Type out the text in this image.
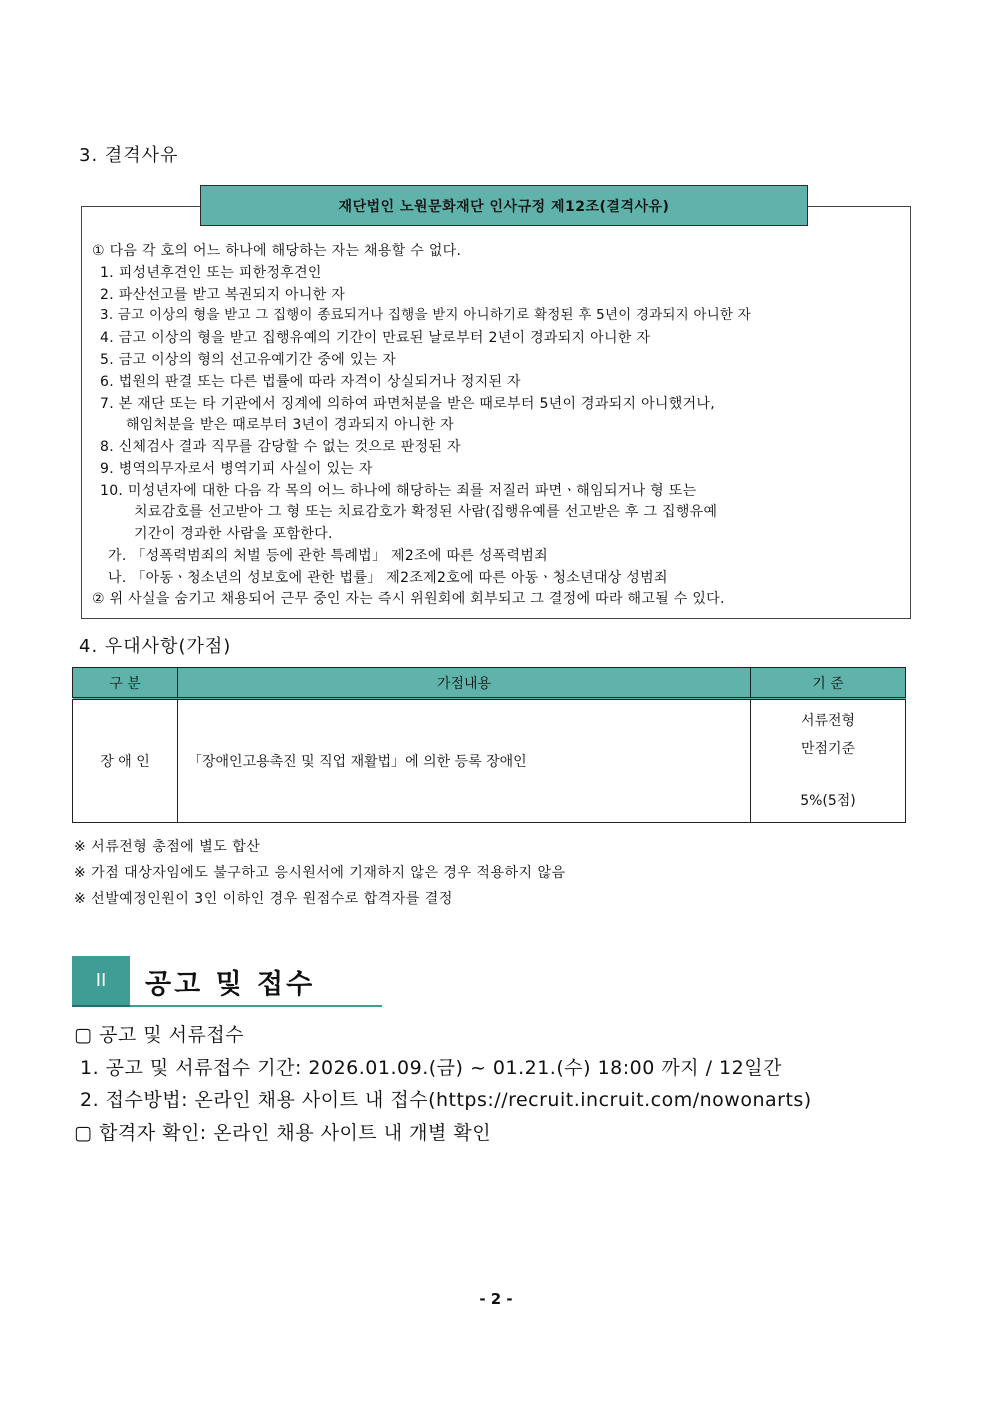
3. 결격사유
① 다음 각 호의 어느 하나에 해당하는 자는 채용할 수 없다.
1. 피성년후견인 또는 피한정후견인
2. 파산선고를 받고 복권되지 아니한 자
3. 금고 이상의 형을 받고 그 집행이 종료되거나 집행을 받지 아니하기로 확정된 후 5년이 경과되지 아니한 자
4. 금고 이상의 형을 받고 집행유예의 기간이 만료된 날로부터 2년이 경과되지 아니한 자
5. 금고 이상의 형의 선고유예기간 중에 있는 자
6. 법원의 판결 또는 다른 법률에 따라 자격이 상실되거나 정지된 자
7. 본 재단 또는 타 기관에서 징계에 의하여 파면처분을 받은 때로부터 5년이 경과되지 아니했거나,
해임처분을 받은 때로부터 3년이 경과되지 아니한 자
8. 신체검사 결과 직무를 감당할 수 없는 것으로 판정된 자
9. 병역의무자로서 병역기피 사실이 있는 자
10. 미성년자에 대한 다음 각 목의 어느 하나에 해당하는 죄를 저질러 파면ㆍ해임되거나 형 또는
치료감호를 선고받아 그 형 또는 치료감호가 확정된 사람(집행유예를 선고받은 후 그 집행유예
기간이 경과한 사람을 포함한다.
가. 「성폭력범죄의 처벌 등에 관한 특례법」 제2조에 따른 성폭력범죄
나. 「아동ㆍ청소년의 성보호에 관한 법률」 제2조제2호에 따른 아동ㆍ청소년대상 성범죄
② 위 사실을 숨기고 채용되어 근무 중인 자는 즉시 위원회에 회부되고 그 결정에 따라 해고될 수 있다.
재단법인 노원문화재단 인사규정 제12조(결격사유)
4. 우대사항(가점)
구 분	가점내용	기 준
장 애 인	「장애인고용촉진 및 직업 재활법」에 의한 등록 장애인	서류전형
만점기준
5%(5점)
※ 서류전형 총점에 별도 합산
※ 가점 대상자임에도 불구하고 응시원서에 기재하지 않은 경우 적용하지 않음
※ 선발예정인원이 3인 이하인 경우 원점수로 합격자를 결정
II	공고 및 접수
▢ 공고 및 서류접수
1. 공고 및 서류접수 기간: 2026.01.09.(금) ~ 01.21.(수) 18:00 까지 / 12일간
2. 접수방법: 온라인 채용 사이트 내 접수(https://recruit.incruit.com/nowonarts)
▢ 합격자 확인: 온라인 채용 사이트 내 개별 확인
- 2 -
